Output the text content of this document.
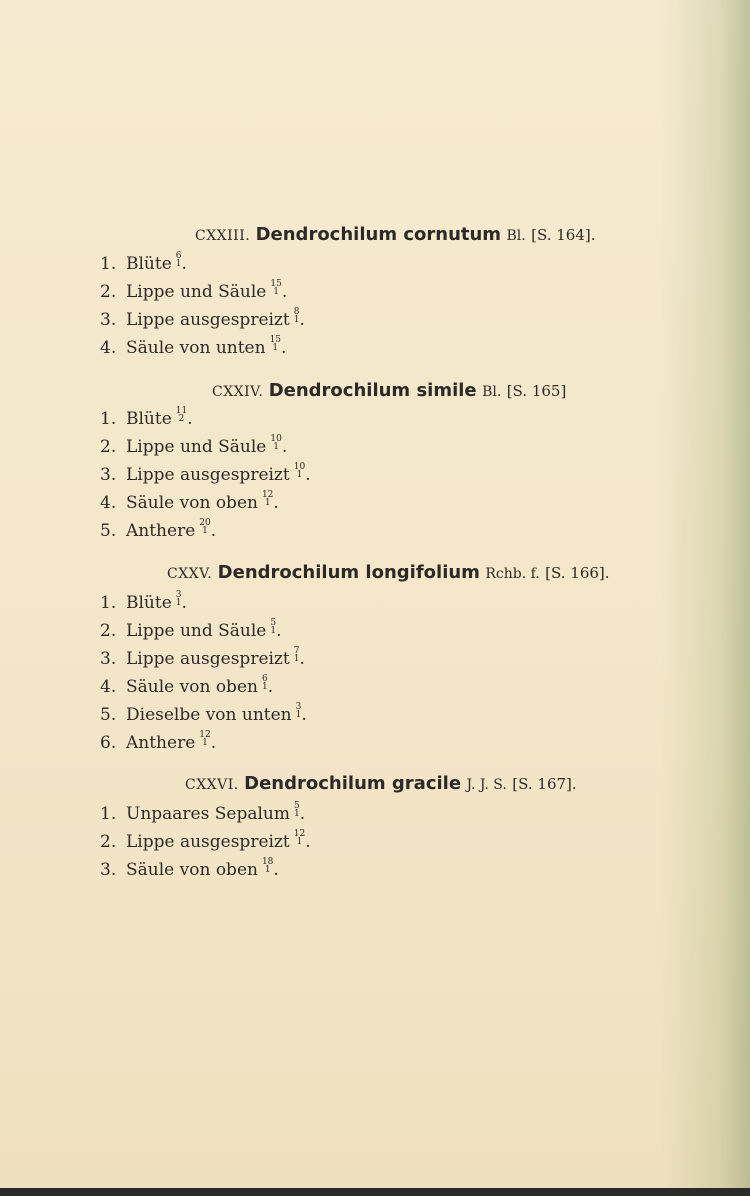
CXXIII. Dendrochilum cornutum Bl. [S. 164].
1. Blüte 6
1 .
2. Lippe und Säule 15
1 .
3. Lippe ausgespreizt 8
1 .
4. Säule von unten 15
1 .
CXXIV. Dendrochilum simile Bl. [S. 165]
1. Blüte 11
2 .
2. Lippe und Säule 10
1 .
3. Lippe ausgespreizt 10
1 .
4. Säule von oben 12
1 .
5. Anthere 20
1 .
CXXV. Dendrochilum longifolium Rchb. f. [S. 166].
1. Blüte 3
1 .
2. Lippe und Säule 5
1 .
3. Lippe ausgespreizt 7
1 .
4. Säule von oben 6
1 .
5. Dieselbe von unten 3
1 .
6. Anthere 12
1 .
CXXVI. Dendrochilum gracile J. J. S. [S. 167].
1. Unpaares Sepalum 5
1 .
2. Lippe ausgespreizt 12
1 .
3. Säule von oben 18
1 .
